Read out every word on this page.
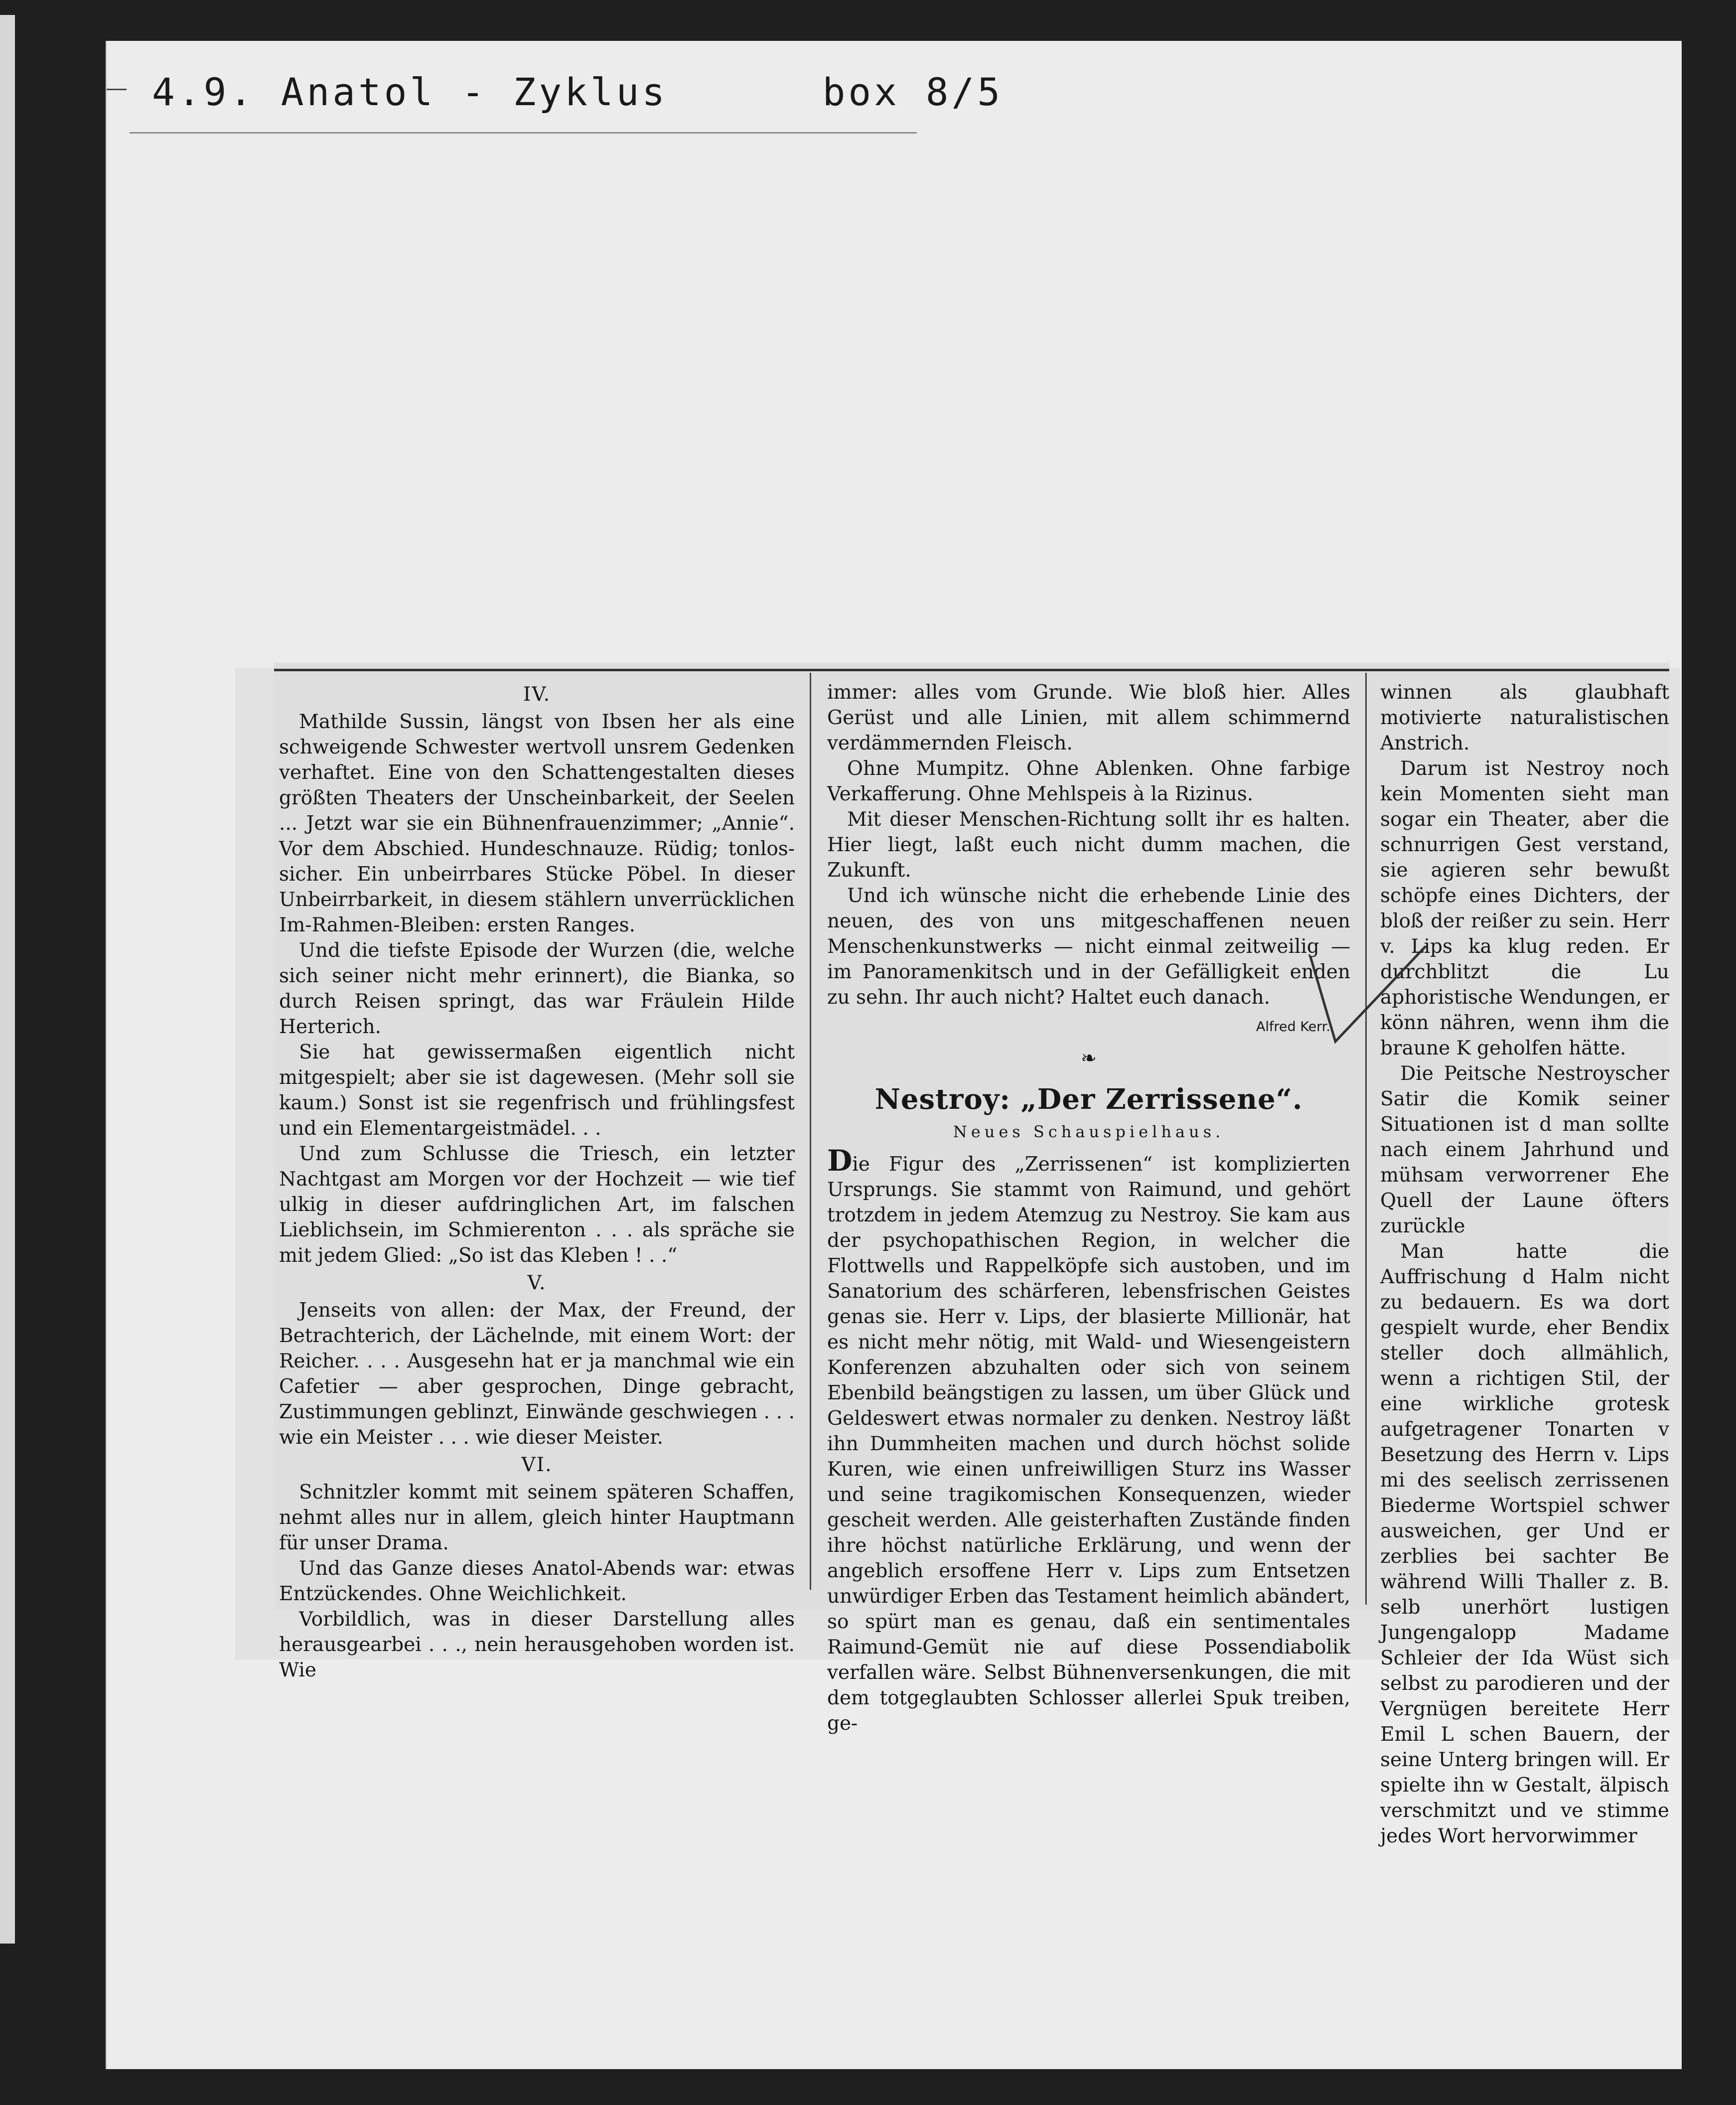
4.9. Anatol - Zyklus	box 8/5
IV.

Mathilde Sussin, längst von Ibsen her als eine schweigende Schwester wertvoll unsrem Gedenken verhaftet. Eine von den Schattengestalten dieses größten Theaters der Unscheinbarkeit, der Seelen ... Jetzt war sie ein Bühnenfrauenzimmer; „Annie“. Vor dem Abschied. Hundeschnauze. Rüdig; tonlos-sicher. Ein unbeirrbares Stücke Pöbel. In dieser Unbeirrbarkeit, in diesem stählern unverrücklichen Im-Rahmen-Bleiben: ersten Ranges.

Und die tiefste Episode der Wurzen (die, welche sich seiner nicht mehr erinnert), die Bianka, so durch Reisen springt, das war Fräulein Hilde Herterich.

Sie hat gewissermaßen eigentlich nicht mitgespielt; aber sie ist dagewesen. (Mehr soll sie kaum.) Sonst ist sie regenfrisch und frühlingsfest und ein Elementargeistmädel. . .

Und zum Schlusse die Triesch, ein letzter Nachtgast am Morgen vor der Hochzeit — wie tief ulkig in dieser aufdringlichen Art, im falschen Lieblichsein, im Schmierenton . . . als spräche sie mit jedem Glied: „So ist das Kleben ! . .“

V.

Jenseits von allen: der Max, der Freund, der Betrachterich, der Lächelnde, mit einem Wort: der Reicher. . . . Ausgesehn hat er ja manchmal wie ein Cafetier — aber gesprochen, Dinge gebracht, Zustimmungen geblinzt, Einwände geschwiegen . . . wie ein Meister . . . wie dieser Meister.

VI.

Schnitzler kommt mit seinem späteren Schaffen, nehmt alles nur in allem, gleich hinter Hauptmann für unser Drama.

Und das Ganze dieses Anatol-Abends war: etwas Entzückendes. Ohne Weichlichkeit.

Vorbildlich, was in dieser Darstellung alles herausgearbei . . ., nein herausgehoben worden ist. Wie

immer: alles vom Grunde. Wie bloß hier. Alles Gerüst und alle Linien, mit allem schimmernd verdämmernden Fleisch.

Ohne Mumpitz. Ohne Ablenken. Ohne farbige Verkafferung. Ohne Mehlspeis à la Rizinus.

Mit dieser Menschen-Richtung sollt ihr es halten. Hier liegt, laßt euch nicht dumm machen, die Zukunft.

Und ich wünsche nicht die erhebende Linie des neuen, des von uns mitgeschaffenen neuen Menschenkunstwerks — nicht einmal zeitweilig — im Panoramenkitsch und in der Gefälligkeit enden zu sehn. Ihr auch nicht? Haltet euch danach.

Alfred Kerr.
❧
Nestroy: „Der Zerrissene“.
Neues Schauspielhaus.

Die Figur des „Zerrissenen“ ist komplizierten Ursprungs. Sie stammt von Raimund, und gehört trotzdem in jedem Atemzug zu Nestroy. Sie kam aus der psychopathischen Region, in welcher die Flottwells und Rappelköpfe sich austoben, und im Sanatorium des schärferen, lebensfrischen Geistes genas sie. Herr v. Lips, der blasierte Millionär, hat es nicht mehr nötig, mit Wald- und Wiesengeistern Konferenzen abzuhalten oder sich von seinem Ebenbild beängstigen zu lassen, um über Glück und Geldeswert etwas normaler zu denken. Nestroy läßt ihn Dummheiten machen und durch höchst solide Kuren, wie einen unfreiwilligen Sturz ins Wasser und seine tragikomischen Konsequenzen, wieder gescheit werden. Alle geisterhaften Zustände finden ihre höchst natürliche Erklärung, und wenn der angeblich ersoffene Herr v. Lips zum Entsetzen unwürdiger Erben das Testament heimlich abändert, so spürt man es genau, daß ein sentimentales Raimund-Gemüt nie auf diese Possendiabolik verfallen wäre. Selbst Bühnenversenkungen, die mit dem totgeglaubten Schlosser allerlei Spuk treiben, ge-

winnen als glaubhaft motivierte naturalistischen Anstrich.

Darum ist Nestroy noch kein Momenten sieht man sogar ein Theater, aber die schnurrigen Gest verstand, sie agieren sehr bewußt schöpfe eines Dichters, der bloß der reißer zu sein. Herr v. Lips ka klug reden. Er durchblitzt die Lu aphoristische Wendungen, er könn nähren, wenn ihm die braune K geholfen hätte.

Die Peitsche Nestroyscher Satir die Komik seiner Situationen ist d man sollte nach einem Jahrhund und mühsam verworrener Ehe Quell der Laune öfters zurückle

Man hatte die Auffrischung d Halm nicht zu bedauern. Es wa dort gespielt wurde, eher Bendix steller doch allmählich, wenn a richtigen Stil, der eine wirkliche grotesk aufgetragener Tonarten v Besetzung des Herrn v. Lips mi des seelisch zerrissenen Biederme Wortspiel schwer ausweichen, ger Und er zerblies bei sachter Be während Willi Thaller z. B. selb unerhört lustigen Jungengalopp Madame Schleier der Ida Wüst sich selbst zu parodieren und der Vergnügen bereitete Herr Emil L schen Bauern, der seine Unterg bringen will. Er spielte ihn w Gestalt, älpisch verschmitzt und ve stimme jedes Wort hervorwimmer
